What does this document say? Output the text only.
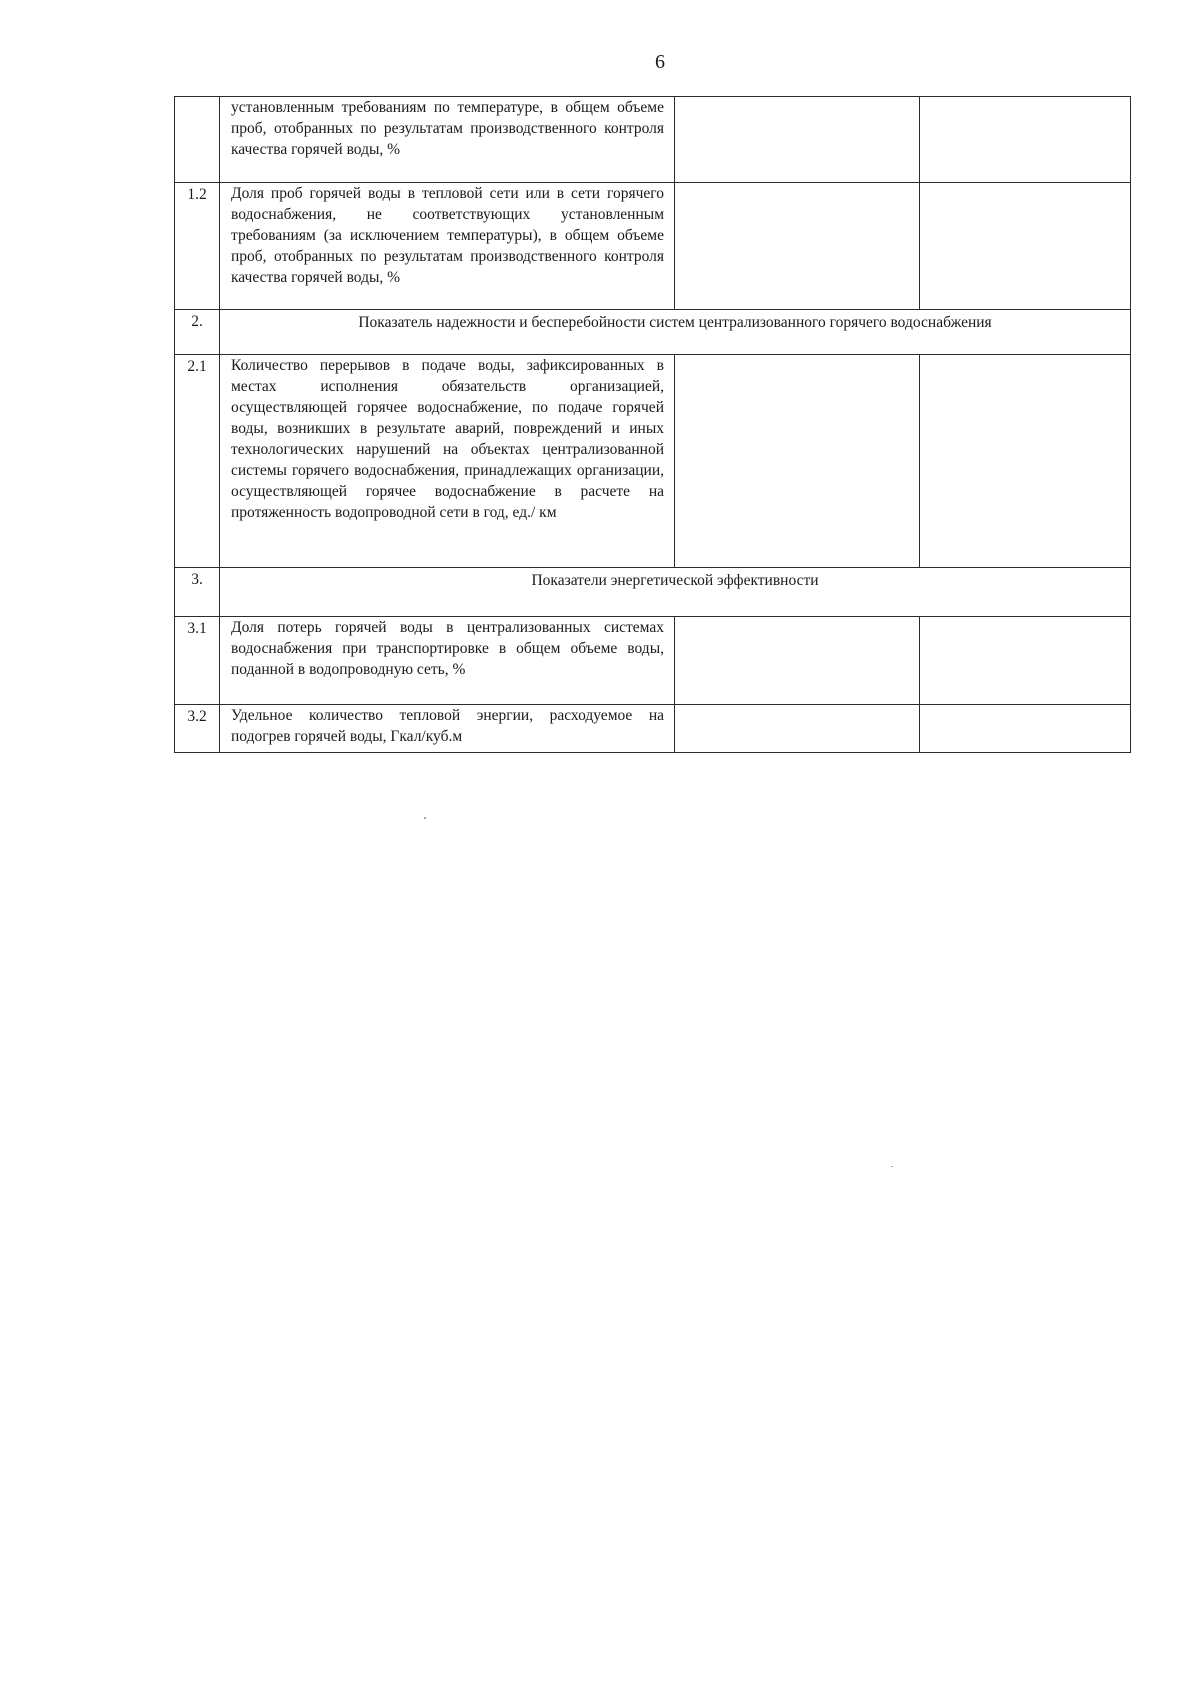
6
	установленным требованиям по температуре, в общем объеме проб, отобранных по результатам производственного контроля качества горячей воды, %		
1.2	Доля проб горячей воды в тепловой сети или в сети горячего водоснабжения, не соответствующих установленным требованиям (за исключением температуры), в общем объеме проб, отобранных по результатам производственного контроля качества горячей воды, %		
2.	Показатель надежности и бесперебойности систем централизованного горячего водоснабжения		
2.1	Количество перерывов в подаче воды, зафиксированных в местах исполнения обязательств организацией, осуществляющей горячее водоснабжение, по подаче горячей воды, возникших в результате аварий, повреждений и иных технологических нарушений на объектах централизованной системы горячего водоснабжения, принадлежащих организации, осуществляющей горячее водоснабжение в расчете на протяженность водопроводной сети в год, ед./ км		
3.	Показатели энергетической эффективности		
3.1	Доля потерь горячей воды в централизованных системах водоснабжения при транспортировке в общем объеме воды, поданной в водопроводную сеть, %		
3.2	Удельное количество тепловой энергии, расходуемое на подогрев горячей воды, Гкал/куб.м		
